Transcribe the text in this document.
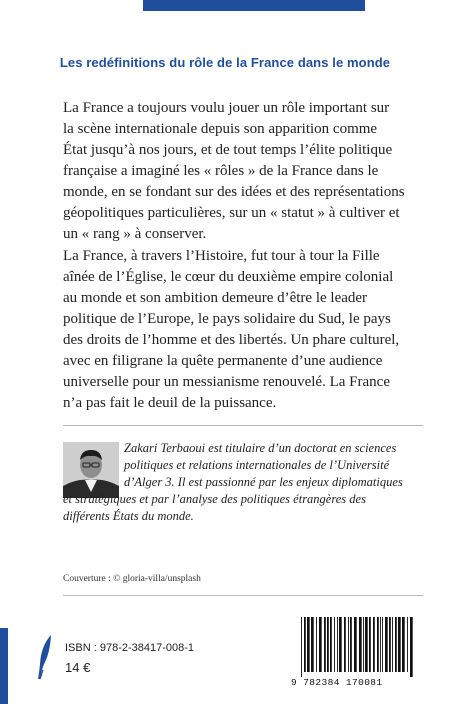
Les redéfinitions du rôle de la France dans le monde

La France a toujours voulu jouer un rôle important sur
la scène internationale depuis son apparition comme
État jusqu’à nos jours, et de tout temps l’élite politique
française a imaginé les « rôles » de la France dans le
monde, en se fondant sur des idées et des représentations
géopolitiques particulières, sur un « statut » à cultiver et
un « rang » à conserver.

La France, à travers l’Histoire, fut tour à tour la Fille
aînée de l’Église, le cœur du deuxième empire colonial
au monde et son ambition demeure d’être le leader
politique de l’Europe, le pays solidaire du Sud, le pays
des droits de l’homme et des libertés. Un phare culturel,
avec en filigrane la quête permanente d’une audience
universelle pour un messianisme renouvelé. La France
n’a pas fait le deuil de la puissance.

Zakari Terbaoui est titulaire d’un doctorat en sciences
politiques et relations internationales de l’Université
d’Alger 3. Il est passionné par les enjeux diplomatiques
et stratégiques et par l’analyse des politiques étrangères des
différents États du monde.

Couverture : © gloria-villa/unsplash
ISBN : 978-2-38417-008-1
14 €
9 782384 170081
